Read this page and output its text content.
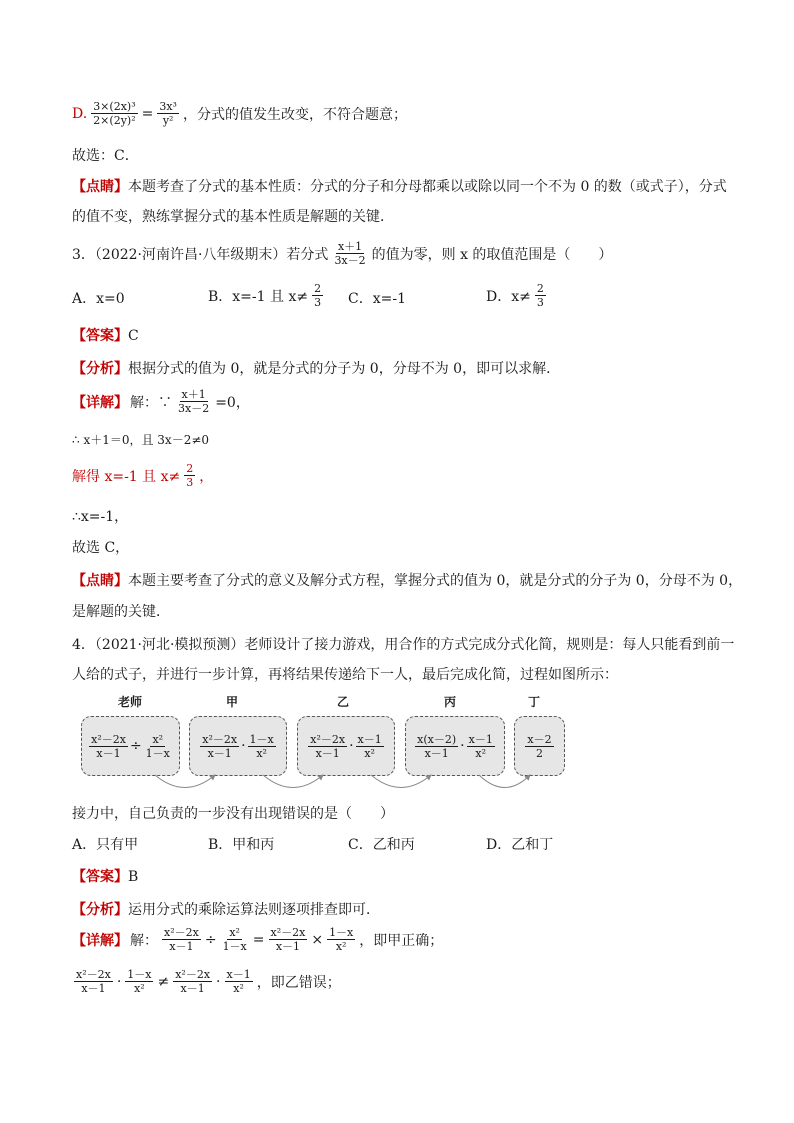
D. $\frac{\text{3×(2x)³}}{\text{2×(2y)²}} = \frac{\text{3x³}}{\text{y²}}$ ，分式的值发生改变，不符合题意；
故选：C．
【点睛】本题考查了分式的基本性质：分式的分子和分母都乘以或除以同一个不为 0 的数（或式子），分式
的值不变，熟练掌握分式的基本性质是解题的关键．
3．（2022·河南许昌·八年级期末）若分式 $\frac{x+1}{3x-2}$ 的值为零，则 x 的取值范围是（　　）
A．x=0	B．x=-1 且 $x\ne \frac{2}{3}$ C．x=-1	D．$x\ne \frac{2}{3}$
【答案】C
【分析】根据分式的值为 0，就是分式的分子为 0，分母不为 0，即可以求解．
【详解】 解：∵ $\frac{x+1}{3x-2} =0$，
∴ x＋1＝0，且 3x－2≠0
解得 x=-1 且 $x\ne \frac{2}{3}$ ，
∴x=-1，
故选 C，
【点睛】本题主要考查了分式的意义及解分式方程，掌握分式的值为 0，就是分式的分子为 0，分母不为 0，
是解题的关键．
4．（2021·河北·模拟预测）老师设计了接力游戏，用合作的方式完成分式化简，规则是：每人只能看到前一
人给的式子，并进行一步计算，再将结果传递给下一人，最后完成化简，过程如图所示：
老师	甲	乙	丙	丁
$\frac{\text{x²－2x}}{x-1} \div \frac{\text{x²}}{1-x}$	$\frac{\text{x²－2x}}{x-1} \cdot \frac{1-x}{\text{x²}}$	$\frac{\text{x²－2x}}{x-1} \cdot \frac{x-1}{\text{x²}}$	$\frac{x(x-2)}{x-1} \cdot \frac{x-1}{\text{x²}}$	$\frac{x-2}{2}$
接力中，自己负责的一步没有出现错误的是（　　）
A．只有甲	B．甲和丙	C．乙和丙	D．乙和丁
【答案】B
【分析】运用分式的乘除运算法则逐项排查即可．
【详解】 解： $\frac{\text{x²－2x}}{x-1} \div \frac{\text{x²}}{1-x} = \frac{\text{x²－2x}}{x-1} \times \frac{1-x}{\text{x²}}$ ，即甲正确；
$\frac{\text{x²－2x}}{x-1} \cdot \frac{1-x}{\text{x²}} \ne \frac{\text{x²－2x}}{x-1} \cdot \frac{x-1}{\text{x²}}$ ，即乙错误；
